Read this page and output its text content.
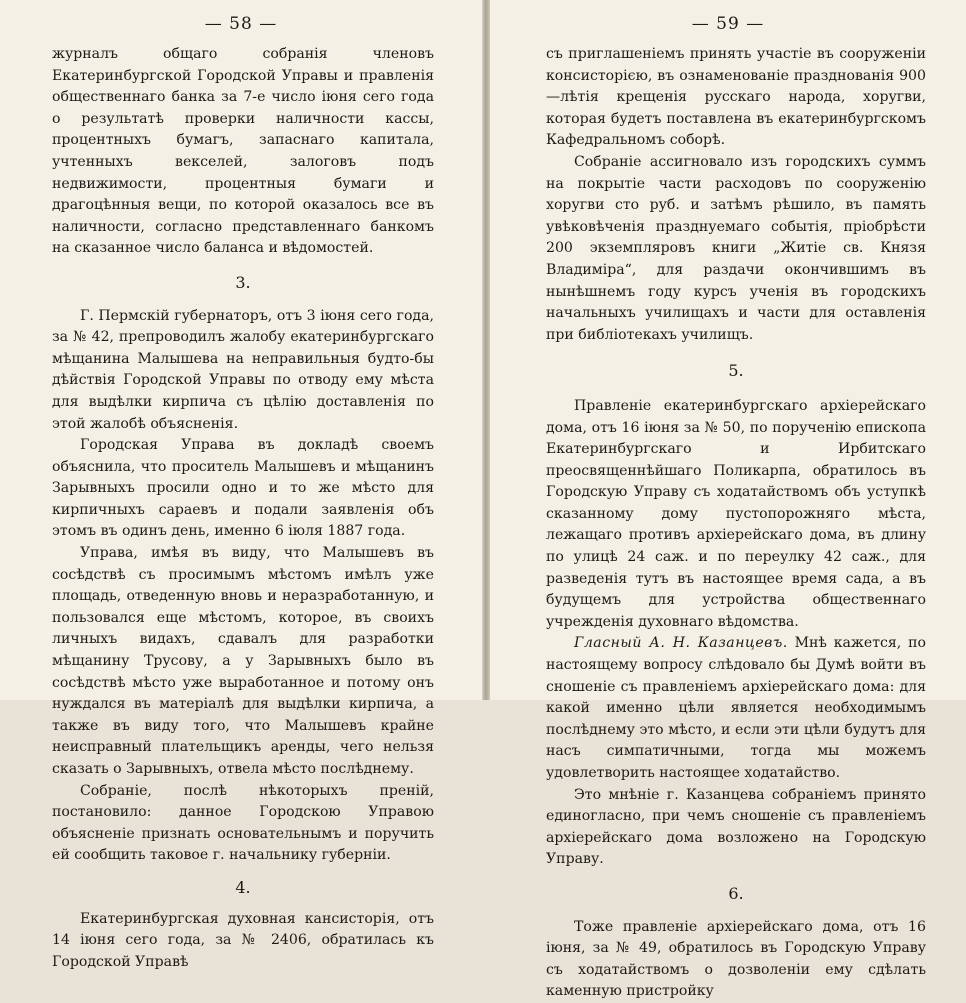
— 58 —

журналъ общаго собранія членовъ Екатеринбургской Городской Управы и правленія общественнаго банка за 7-е число іюня сего года о результатѣ проверки наличности кассы, процентныхъ бумагъ, запаснаго капитала, учтенныхъ векселей, залоговъ подъ недвижимости, процентныя бумаги и драгоцѣнныя вещи, по которой оказалось все въ наличности, согласно представленнаго банкомъ на сказанное число баланса и вѣдомостей.

3.

Г. Пермскій губернаторъ, отъ 3 іюня сего года, за № 42, препроводилъ жалобу екатеринбургскаго мѣщанина Малышева на неправильныя будто-бы дѣйствія Городской Управы по отводу ему мѣста для выдѣлки кирпича съ цѣлію доставленія по этой жалобѣ объясненія.

Городская Управа въ докладѣ своемъ объяснила, что проситель Малышевъ и мѣщанинъ Зарывныхъ просили одно и то же мѣсто для кирпичныхъ сараевъ и подали заявленія объ этомъ въ одинъ день, именно 6 іюля 1887 года.

Управа, имѣя въ виду, что Малышевъ въ сосѣдствѣ съ просимымъ мѣстомъ имѣлъ уже площадь, отведенную вновь и неразработанную, и пользовался еще мѣстомъ, которое, въ своихъ личныхъ видахъ, сдавалъ для разработки мѣщанину Трусову, а у Зарывныхъ было въ сосѣдствѣ мѣсто уже выработанное и потому онъ нуждался въ матеріалѣ для выдѣлки кирпича, а также въ виду того, что Малышевъ крайне неисправный плательщикъ аренды, чего нельзя сказать о Зарывныхъ, отвела мѣсто послѣднему.

Собраніе, послѣ нѣкоторыхъ преній, постановило: данное Городскою Управою объясненіе признать основательнымъ и поручить ей сообщить таковое г. начальнику губерніи.

4.

Екатеринбургская духовная кансисторія, отъ 14 іюня сего года, за № 2406, обратилась къ Городской Управѣ

— 59 —

съ приглашеніемъ принять участіе въ сооруженіи консисторією, въ ознаменованіе празднованія 900—лѣтія крещенія русскаго народа, хоругви, которая будетъ поставлена въ екатеринбургскомъ Кафедральномъ соборѣ.

Собраніе ассигновало изъ городскихъ суммъ на покрытіе части расходовъ по сооруженію хоругви сто руб. и затѣмъ рѣшило, въ память увѣковѣченія празднуемаго событія, пріобрѣсти 200 экземпляровъ книги „Житіе св. Князя Владиміра“, для раздачи окончившимъ въ нынѣшнемъ году курсъ ученія въ городскихъ начальныхъ училищахъ и части для оставленія при библіотекахъ училищъ.

5.

Правленіе екатеринбургскаго архіерейскаго дома, отъ 16 іюня за № 50, по порученію епископа Екатеринбургскаго и Ирбитскаго преосвященнѣйшаго Поликарпа, обратилось въ Городскую Управу съ ходатайствомъ объ уступкѣ сказанному дому пустопорожняго мѣста, лежащаго противъ архіерейскаго дома, въ длину по улицѣ 24 саж. и по переулку 42 саж., для разведенія тутъ въ настоящее время сада, а въ будущемъ для устройства общественнаго учрежденія духовнаго вѣдомства.

Гласный А. Н. Казанцевъ. Мнѣ кажется, по настоящему вопросу слѣдовало бы Думѣ войти въ сношеніе съ правленіемъ архіерейскаго дома: для какой именно цѣли является необходимымъ послѣднему это мѣсто, и если эти цѣли будутъ для насъ симпатичными, тогда мы можемъ удовлетворить настоящее ходатайство.

Это мнѣніе г. Казанцева собраніемъ принято единогласно, при чемъ сношеніе съ правленіемъ архіерейскаго дома возложено на Городскую Управу.

6.

Тоже правленіе архіерейскаго дома, отъ 16 іюня, за № 49, обратилось въ Городскую Управу съ ходатайствомъ о дозволеніи ему сдѣлать каменную пристройку
